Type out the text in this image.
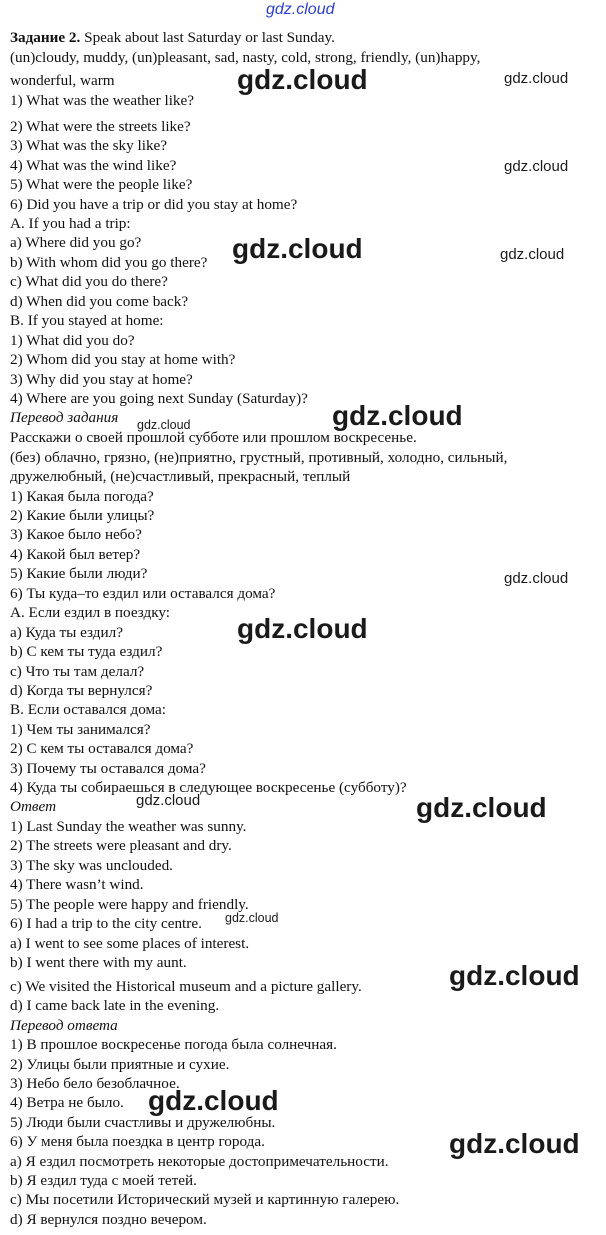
Задание 2. Speak about last Saturday or last Sunday.
(un)cloudy, muddy, (un)pleasant, sad, nasty, cold, strong, friendly, (un)happy,
wonderful, warm
1) What was the weather like?
2) What were the streets like?
3) What was the sky like?
4) What was the wind like?
5) What were the people like?
6) Did you have a trip or did you stay at home?
A. If you had a trip:
a) Where did you go?
b) With whom did you go there?
c) What did you do there?
d) When did you come back?
B. If you stayed at home:
1) What did you do?
2) Whom did you stay at home with?
3) Why did you stay at home?
4) Where are you going next Sunday (Saturday)?
Перевод задания
Расскажи о своей прошлой субботе или прошлом воскресенье.
(без) облачно, грязно, (не)приятно, грустный, противный, холодно, сильный,
дружелюбный, (не)счастливый, прекрасный, теплый
1) Какая была погода?
2) Какие были улицы?
3) Какое было небо?
4) Какой был ветер?
5) Какие были люди?
6) Ты куда–то ездил или оставался дома?
A. Если ездил в поездку:
a) Куда ты ездил?
b) С кем ты туда ездил?
c) Что ты там делал?
d) Когда ты вернулся?
B. Если оставался дома:
1) Чем ты занимался?
2) С кем ты оставался дома?
3) Почему ты оставался дома?
4) Куда ты собираешься в следующее воскресенье (субботу)?
Ответ
1) Last Sunday the weather was sunny.
2) The streets were pleasant and dry.
3) The sky was unclouded.
4) There wasn’t wind.
5) The people were happy and friendly.
6) I had a trip to the city centre.
a) I went to see some places of interest.
b) I went there with my aunt.
c) We visited the Historical museum and a picture gallery.
d) I came back late in the evening.
Перевод ответа
1) В прошлое воскресенье погода была солнечная.
2) Улицы были приятные и сухие.
3) Небо бело безоблачное.
4) Ветра не было.
5) Люди были счастливы и дружелюбны.
6) У меня была поездка в центр города.
a) Я ездил посмотреть некоторые достопримечательности.
b) Я ездил туда с моей тетей.
c) Мы посетили Исторический музей и картинную галерею.
d) Я вернулся поздно вечером.
gdz.cloud
gdz.cloud	gdz.cloud
gdz.cloud
gdz.cloud	gdz.cloud
gdz.cloud
gdz.cloud
gdz.cloud
gdz.cloud
gdz.cloud	gdz.cloud
gdz.cloud
gdz.cloud
gdz.cloud
gdz.cloud
